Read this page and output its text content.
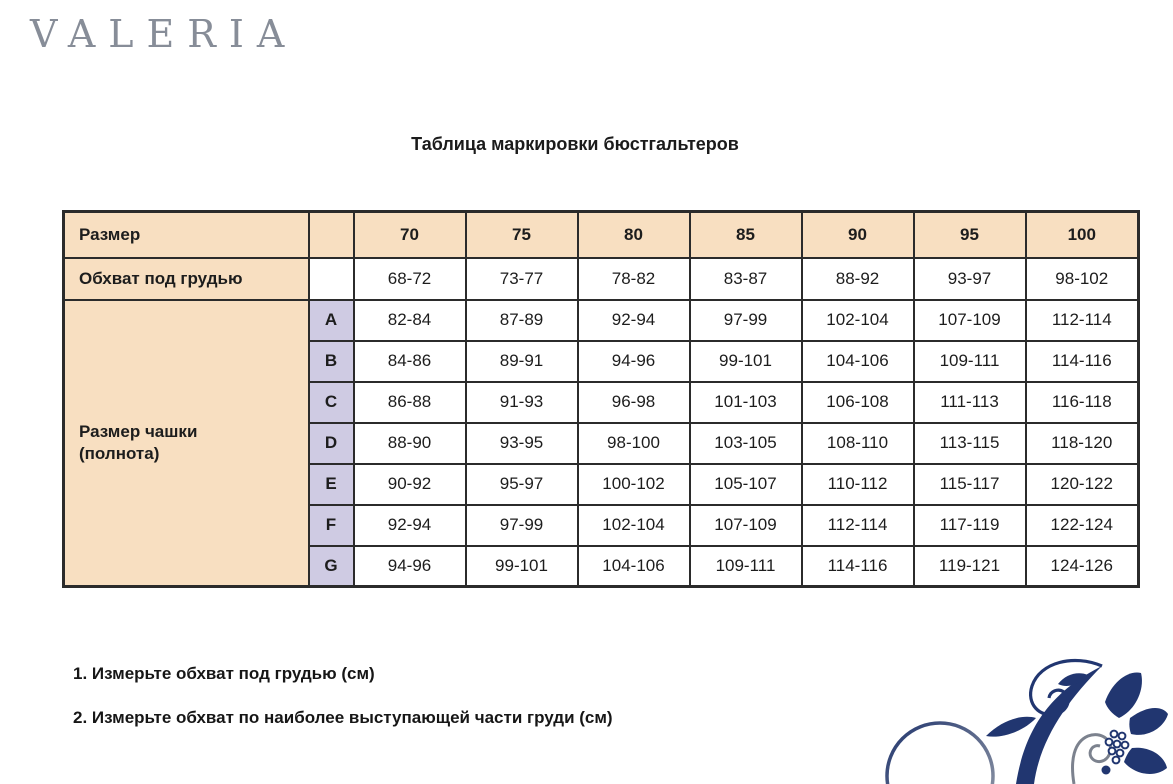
VALERIA
Таблица маркировки бюстгальтеров
Размер		70	75	80	85	90	95	100
Обхват под грудью		68-72	73-77	78-82	83-87	88-92	93-97	98-102

Размер чашки
(полнота)	A	82-84	87-89	92-94	97-99	102-104	107-109	112-114
	B	84-86	89-91	94-96	99-101	104-106	109-111	114-116
	C	86-88	91-93	96-98	101-103	106-108	111-113	116-118
	D	88-90	93-95	98-100	103-105	108-110	113-115	118-120
	E	90-92	95-97	100-102	105-107	110-112	115-117	120-122
	F	92-94	97-99	102-104	107-109	112-114	117-119	122-124
	G	94-96	99-101	104-106	109-111	114-116	119-121	124-126

1. Измерьте обхват под грудью (см)

2. Измерьте обхват по наиболее выступающей части груди (см)
